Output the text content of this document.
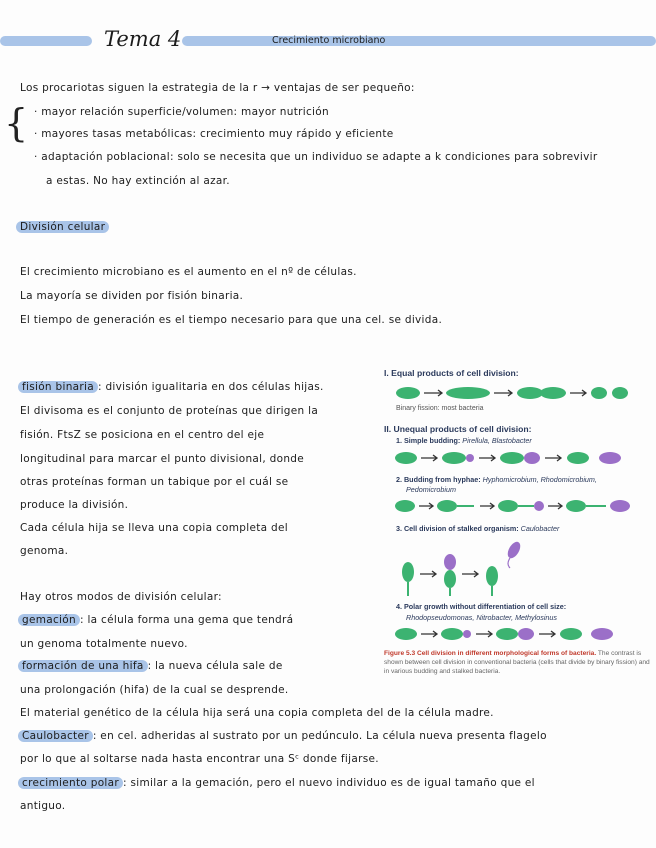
Tema 4	Crecimiento microbiano
Los procariotas siguen la estrategia de la r → ventajas de ser pequeño:
{ · mayor relación superficie/volumen: mayor nutrición
· mayores tasas metabólicas: crecimiento muy rápido y eficiente
· adaptación poblacional: solo se necesita que un individuo se adapte a k condiciones para sobrevivir
a estas. No hay extinción al azar.
División celular
El crecimiento microbiano es el aumento en el nº de células.
La mayoría se dividen por fisión binaria.
El tiempo de generación es el tiempo necesario para que una cel. se divida.
fisión binaria : división igualitaria en dos células hijas.
El divisoma es el conjunto de proteínas que dirigen la
fisión. FtsZ se posiciona en el centro del eje
longitudinal para marcar el punto divisional, donde
otras proteínas forman un tabique por el cuál se
produce la división.
Cada célula hija se lleva una copia completa del
genoma.
Hay otros modos de división celular:
gemación : la célula forma una gema que tendrá
un genoma totalmente nuevo.
formación de una hifa : la nueva célula sale de
una prolongación (hifa) de la cual se desprende.
El material genético de la célula hija será una copia completa del de la célula madre.
Caulobacter : en cel. adheridas al sustrato por un pedúnculo. La célula nueva presenta flagelo
por lo que al soltarse nada hasta encontrar una Sᶜ donde fijarse.
crecimiento polar : similar a la gemación, pero el nuevo individuo es de igual tamaño que el
antiguo.
I. Equal products of cell division:
Binary fission: most bacteria
II. Unequal products of cell division:
1. Simple budding: Pirellula, Blastobacter
2. Budding from hyphae: Hyphomicrobium, Rhodomicrobium,
Pedomicrobium
3. Cell division of stalked organism: Caulobacter
4. Polar growth without differentiation of cell size:
Rhodopseudomonas, Nitrobacter, Methylosinus
Figure 5.3 Cell division in different morphological forms of bacteria. The contrast is shown between cell division in conventional bacteria (cells that divide by binary fission) and in various budding and stalked bacteria.
